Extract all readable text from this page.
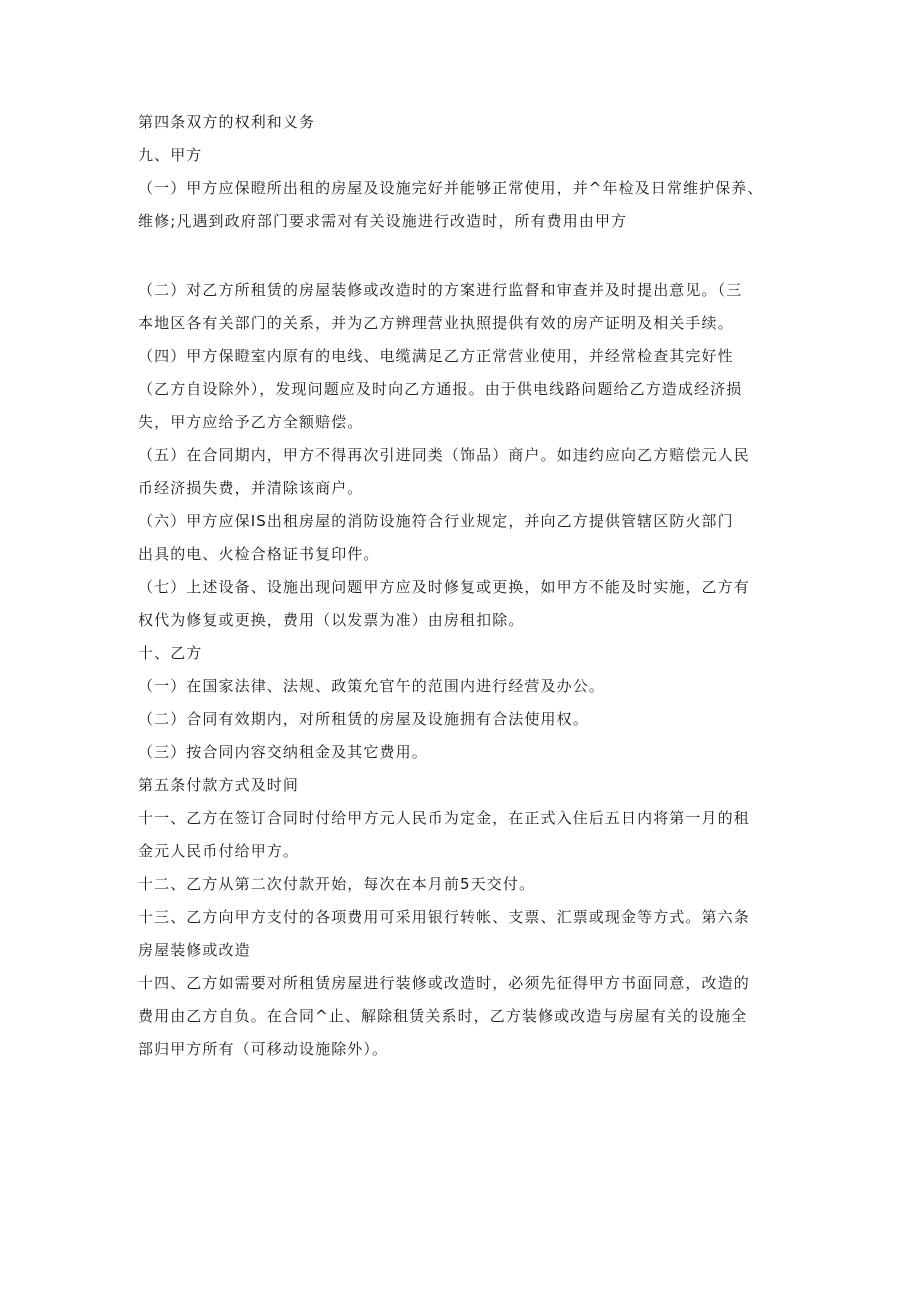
第四条双方的权利和义务
九、甲方
（一）甲方应保瞪所出租的房屋及设施完好并能够正常使用，并^年检及日常维护保养、
维修;凡遇到政府部门要求需对有关设施进行改造时，所有费用由甲方
（二）对乙方所租赁的房屋装修或改造时的方案进行监督和审查并及时提出意见。（三
本地区各有关部门的关系，并为乙方辨理营业执照提供有效的房产证明及相关手续。
（四）甲方保瞪室内原有的电线、电缆满足乙方正常营业使用，并经常检查其完好性
（乙方自设除外），发现问题应及时向乙方通报。由于供电线路问题给乙方造成经济损
失，甲方应给予乙方全额赔偿。
（五）在合同期内，甲方不得再次引进同类（饰品）商户。如违约应向乙方赔偿元人民
币经济损失费，并清除该商户。
（六）甲方应保IS出租房屋的消防设施符合行业规定，并向乙方提供管辖区防火部门
出具的电、火检合格证书复印件。
（七）上述设备、设施出现问题甲方应及时修复或更换，如甲方不能及时实施，乙方有
权代为修复或更换，费用（以发票为准）由房租扣除。
十、乙方
（一）在国家法律、法规、政策允官午的范围内进行经营及办公。
（二）合同有效期内，对所租赁的房屋及设施拥有合法使用权。
（三）按合同内容交纳租金及其它费用。
第五条付款方式及时间
十一、乙方在签订合同时付给甲方元人民币为定金，在正式入住后五日内将第一月的租
金元人民币付给甲方。
十二、乙方从第二次付款开始，每次在本月前5天交付。
十三、乙方向甲方支付的各项费用可采用银行转帐、支票、汇票或现金等方式。第六条
房屋装修或改造
十四、乙方如需要对所租赁房屋进行装修或改造时，必须先征得甲方书面同意，改造的
费用由乙方自负。在合同^止、解除租赁关系时，乙方装修或改造与房屋有关的设施全
部归甲方所有（可移动设施除外）。
